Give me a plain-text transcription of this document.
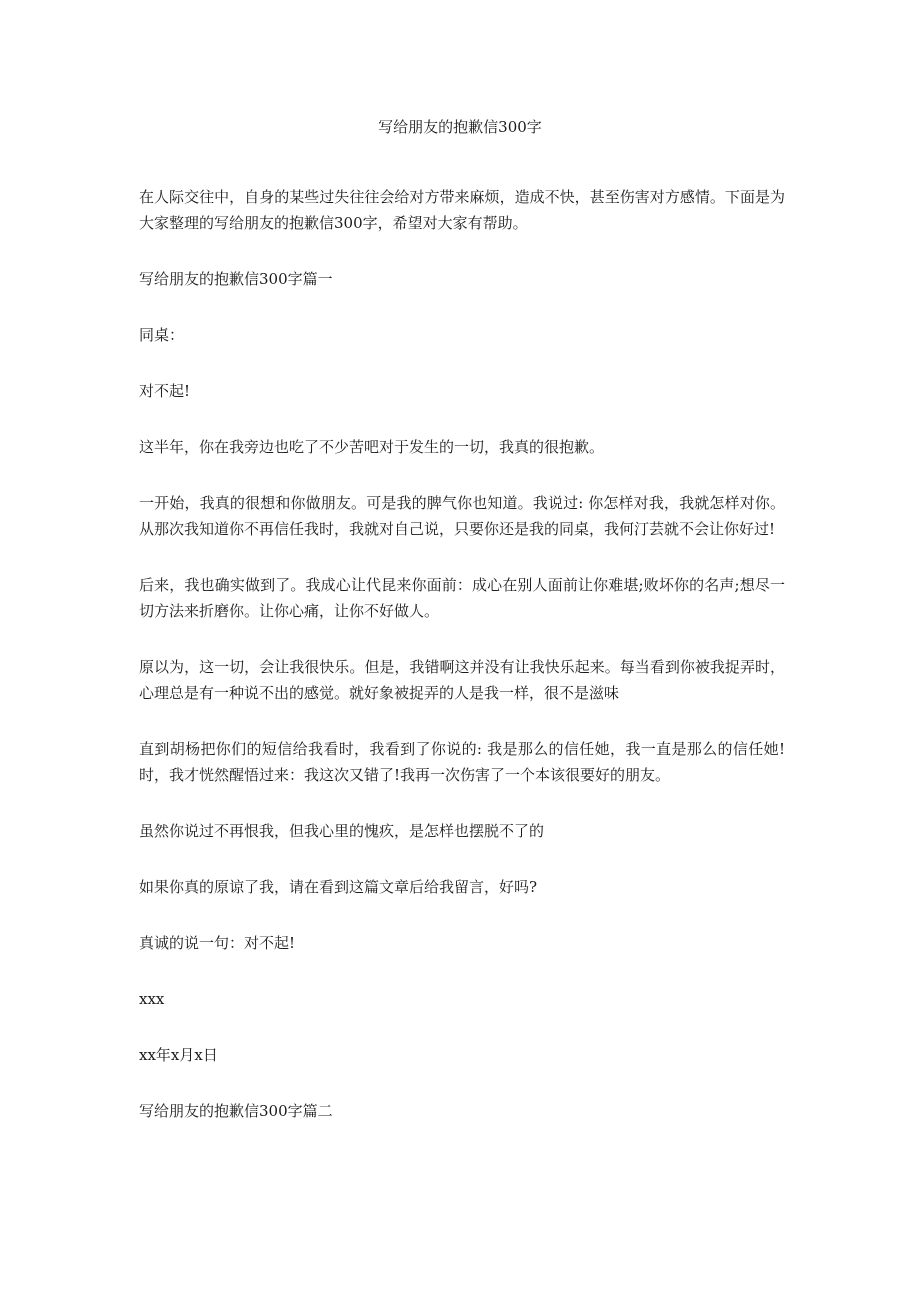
写给朋友的抱歉信300字

在人际交往中，自身的某些过失往往会给对方带来麻烦，造成不快，甚至伤害对方感情。下面是为大家整理的写给朋友的抱歉信300字，希望对大家有帮助。

写给朋友的抱歉信300字篇一

同桌：

对不起!

这半年，你在我旁边也吃了不少苦吧对于发生的一切，我真的很抱歉。

一开始，我真的很想和你做朋友。可是我的脾气你也知道。我说过: 你怎样对我，我就怎样对你。从那次我知道你不再信任我时，我就对自己说，只要你还是我的同桌，我何汀芸就不会让你好过!

后来，我也确实做到了。我成心让代昆来你面前：成心在别人面前让你难堪;败坏你的名声;想尽一切方法来折磨你。让你心痛，让你不好做人。

原以为，这一切，会让我很快乐。但是，我错啊这并没有让我快乐起来。每当看到你被我捉弄时，心理总是有一种说不出的感觉。就好象被捉弄的人是我一样，很不是滋味

直到胡杨把你们的短信给我看时，我看到了你说的: 我是那么的信任她，我一直是那么的信任她!时，我才恍然醒悟过来：我这次又错了!我再一次伤害了一个本该很要好的朋友。

虽然你说过不再恨我，但我心里的愧疚，是怎样也摆脱不了的

如果你真的原谅了我，请在看到这篇文章后给我留言，好吗?

真诚的说一句：对不起!

xxx

xx年x月x日

写给朋友的抱歉信300字篇二
